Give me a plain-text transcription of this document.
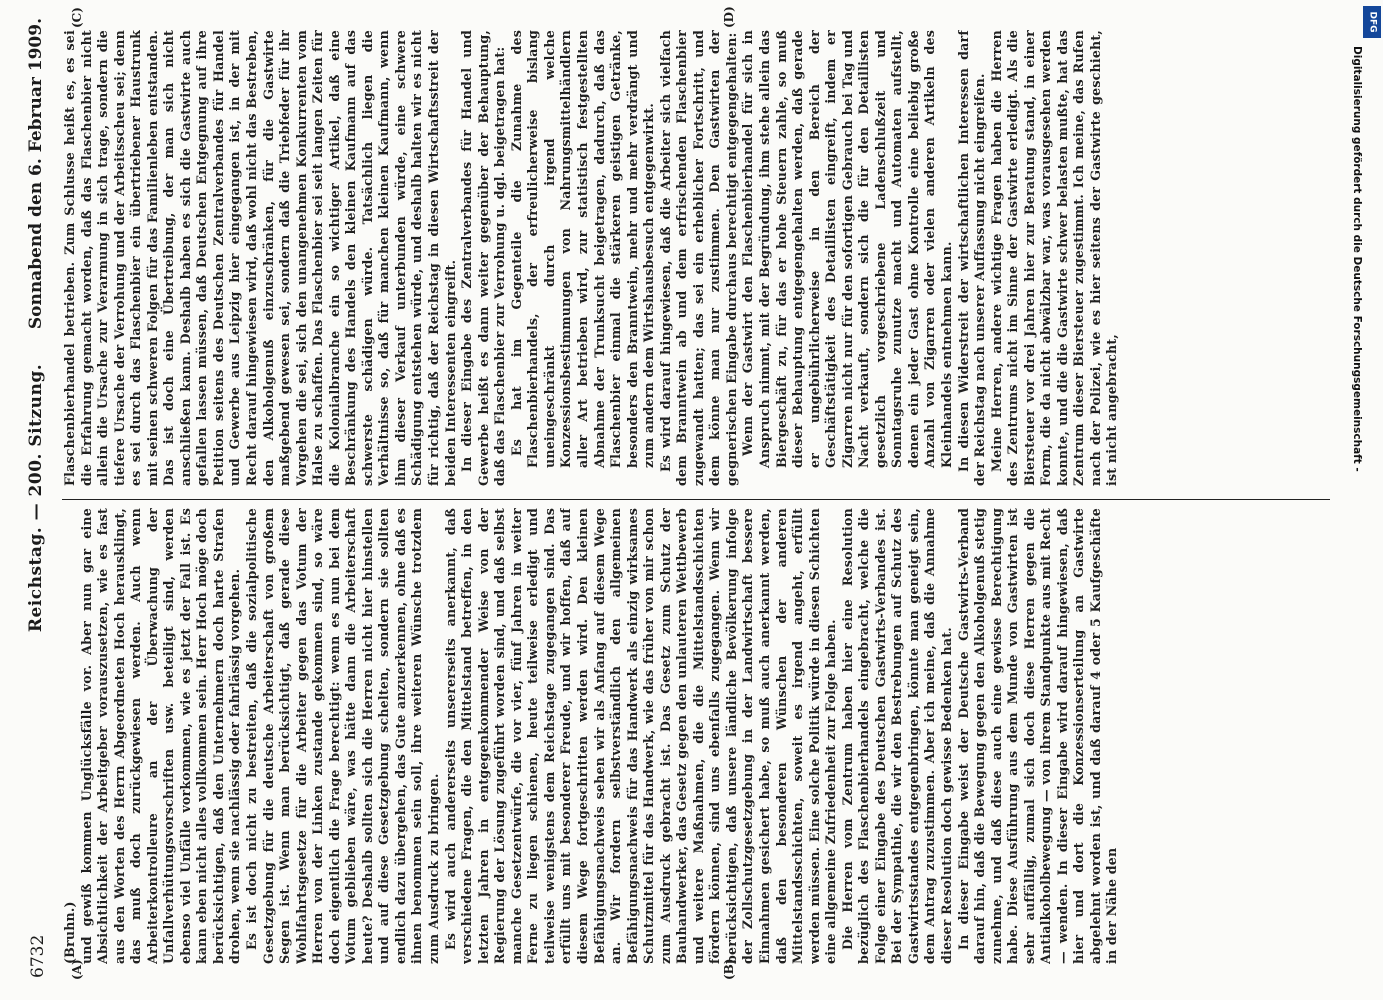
6732
Reichstag. — 200. Sitzung.
Sonnabend den 6. Februar 1909.
(A)	(B)
(C)	(D)

(Bruhn.) und gewiß kommen Unglücksfälle vor. Aber nun gar eine Absichtlichkeit der Arbeitgeber vorauszusetzen, wie es fast aus den Worten des Herrn Abgeordneten Hoch herausklingt, das muß doch zurückgewiesen werden. Auch wenn Arbeiterkontrolleure an der Überwachung der Unfallverhütungsvorschriften usw. beteiligt sind, werden ebenso viel Unfälle vorkommen, wie es jetzt der Fall ist. Es kann eben nicht alles vollkommen sein. Herr Hoch möge doch berücksichtigen, daß den Unternehmern doch harte Strafen drohen, wenn sie nachlässig oder fahrlässig vorgehen. Es ist doch nicht zu bestreiten, daß die sozialpolitische Gesetzgebung für die deutsche Arbeiterschaft von großem Segen ist. Wenn man berücksichtigt, daß gerade diese Wohlfahrtsgesetze für die Arbeiter gegen das Votum der Herren von der Linken zustande gekommen sind, so wäre doch eigentlich die Frage berechtigt: wenn es nun bei dem Votum geblieben wäre, was hätte dann die Arbeiterschaft heute? Deshalb sollten sich die Herren nicht hier hinstellen und auf diese Gesetzgebung schelten, sondern sie sollten endlich dazu übergehen, das Gute anzuerkennen, ohne daß es ihnen benommen sein soll, ihre weiteren Wünsche trotzdem zum Ausdruck zu bringen. Es wird auch andererseits unsererseits anerkannt, daß verschiedene Fragen, die den Mittelstand betreffen, in den letzten Jahren in entgegenkommender Weise von der Regierung der Lösung zugeführt worden sind, und daß selbst manche Gesetzentwürfe, die vor vier, fünf Jahren in weiter Ferne zu liegen schienen, heute teilweise erledigt und teilweise wenigstens dem Reichstage zugegangen sind. Das erfüllt uns mit besonderer Freude, und wir hoffen, daß auf diesem Wege fortgeschritten werden wird. Den kleinen Befähigungsnachweis sehen wir als Anfang auf diesem Wege an. Wir fordern selbstverständlich den allgemeinen Befähigungsnachweis für das Handwerk als einzig wirksames Schutzmittel für das Handwerk, wie das früher von mir schon zum Ausdruck gebracht ist. Das Gesetz zum Schutz der Bauhandwerker, das Gesetz gegen den unlauteren Wettbewerb und weitere Maßnahmen, die die Mittelstandsschichten fördern können, sind uns ebenfalls zugegangen. Wenn wir berücksichtigen, daß unsere ländliche Bevölkerung infolge der Zollschutzgesetzgebung in der Landwirtschaft bessere Einnahmen gesichert habe, so muß auch anerkannt werden, daß den besonderen Wünschen der anderen Mittelstandsschichten, soweit es irgend angeht, erfüllt werden müssen. Eine solche Politik würde in diesen Schichten eine allgemeine Zufriedenheit zur Folge haben. Die Herren vom Zentrum haben hier eine Resolution bezüglich des Flaschenbierhandels eingebracht, welche die Folge einer Eingabe des Deutschen Gastwirts-Verbandes ist. Bei der Sympathie, die wir den Bestrebungen auf Schutz des Gastwirtsstandes entgegenbringen, könnte man geneigt sein, dem Antrag zuzustimmen. Aber ich meine, daß die Annahme dieser Resolution doch gewisse Bedenken hat. In dieser Eingabe weist der Deutsche Gastwirts-Verband darauf hin, daß die Bewegung gegen den Alkoholgenuß stetig zunehme, und daß diese auch eine gewisse Berechtigung habe. Diese Ausführung aus dem Munde von Gastwirten ist sehr auffällig, zumal sich doch diese Herren gegen die Antialkoholbewegung — von ihrem Standpunkte aus mit Recht — wenden. In dieser Eingabe wird darauf hingewiesen, daß hier und dort die Konzessionserteilung an Gastwirte abgelehnt worden ist, und daß darauf 4 oder 5 Kaufgeschäfte in der Nähe den

Flaschenbierhandel betrieben. Zum Schlusse heißt es, es sei die Erfahrung gemacht worden, daß das Flaschenbier nicht allein die Ursache zur Verarmung in sich trage, sondern die tiefere Ursache der Verrohung und der Arbeitsscheu sei; denn es sei durch das Flaschenbier ein übertriebener Haustrunk mit seinen schweren Folgen für das Familienleben entstanden. Das ist doch eine Übertreibung, der man sich nicht anschließen kann. Deshalb haben es sich die Gastwirte auch gefallen lassen müssen, daß Deutschen Entgegnung auf ihre Petition seitens des Deutschen Zentralverbandes für Handel und Gewerbe aus Leipzig hier eingegangen ist, in der mit Recht darauf hingewiesen wird, daß wohl nicht das Bestreben, den Alkoholgenuß einzuschränken, für die Gastwirte maßgebend gewesen sei, sondern daß die Triebfeder für ihr Vorgehen die sei, sich den unangenehmen Konkurrenten vom Halse zu schaffen. Das Flaschenbier sei seit langen Zeiten für die Kolonialbranche ein so wichtiger Artikel, daß eine Beschränkung des Handels den kleinen Kaufmann auf das schwerste schädigen würde. Tatsächlich liegen die Verhältnisse so, daß für manchen kleinen Kaufmann, wenn ihm dieser Verkauf unterbunden würde, eine schwere Schädigung entstehen würde, und deshalb halten wir es nicht für richtig, daß der Reichstag in diesen Wirtschaftsstreit der beiden Interessenten eingreift. In dieser Eingabe des Zentralverbandes für Handel und Gewerbe heißt es dann weiter gegenüber der Behauptung, daß das Flaschenbier zur Verrohung u. dgl. beigetragen hat: Es hat im Gegenteile die Zunahme des Flaschenbierhandels, der erfreulicherweise bislang uneingeschränkt durch irgend welche Konzessionsbestimmungen von Nahrungsmittelhändlern aller Art betrieben wird, zur statistisch festgestellten Abnahme der Trunksucht beigetragen, dadurch, daß das Flaschenbier einmal die stärkeren geistigen Getränke, besonders den Branntwein, mehr und mehr verdrängt und zum andern dem Wirtshausbesuch entgegenwirkt. Es wird darauf hingewiesen, daß die Arbeiter sich vielfach dem Branntwein ab und dem erfrischenden Flaschenbier zugewandt hatten; das sei ein erheblicher Fortschritt, und dem könne man nur zustimmen. Den Gastwirten der gegnerischen Eingabe durchaus berechtigt entgegengehalten: Wenn der Gastwirt den Flaschenbierhandel für sich in Anspruch nimmt, mit der Begründung, ihm stehe allein das Biergeschäft zu, für das er hohe Steuern zahle, so muß dieser Behauptung entgegengehalten werden, daß gerade er ungebührlicherweise in den Bereich der Geschäftstätigkeit des Detaillisten eingreift, indem er Zigarren nicht nur für den sofortigen Gebrauch bei Tag und Nacht verkauft, sondern sich die für den Detaillisten gesetzlich vorgeschriebene Ladenschlußzeit und Sonntagsruhe zunutze macht und Automaten aufstellt, denen ein jeder Gast ohne Kontrolle eine beliebig große Anzahl von Zigarren oder vielen anderen Artikeln des Kleinhandels entnehmen kann. In diesen Widerstreit der wirtschaftlichen Interessen darf der Reichstag nach unserer Auffassung nicht eingreifen. Meine Herren, andere wichtige Fragen haben die Herren des Zentrums nicht im Sinne der Gastwirte erledigt. Als die Biersteuer vor drei Jahren hier zur Beratung stand, in einer Form, die da nicht abwälzbar war, was vorausgesehen werden konnte, und die die Gastwirte schwer belasten mußte, hat das Zentrum dieser Biersteuer zugestimmt. Ich meine, das Rufen nach der Polizei, wie es hier seitens der Gastwirte geschieht, ist nicht angebracht,	Digitalisierung gefördert durch die Deutsche Forschungsgemeinschaft -
DFG
